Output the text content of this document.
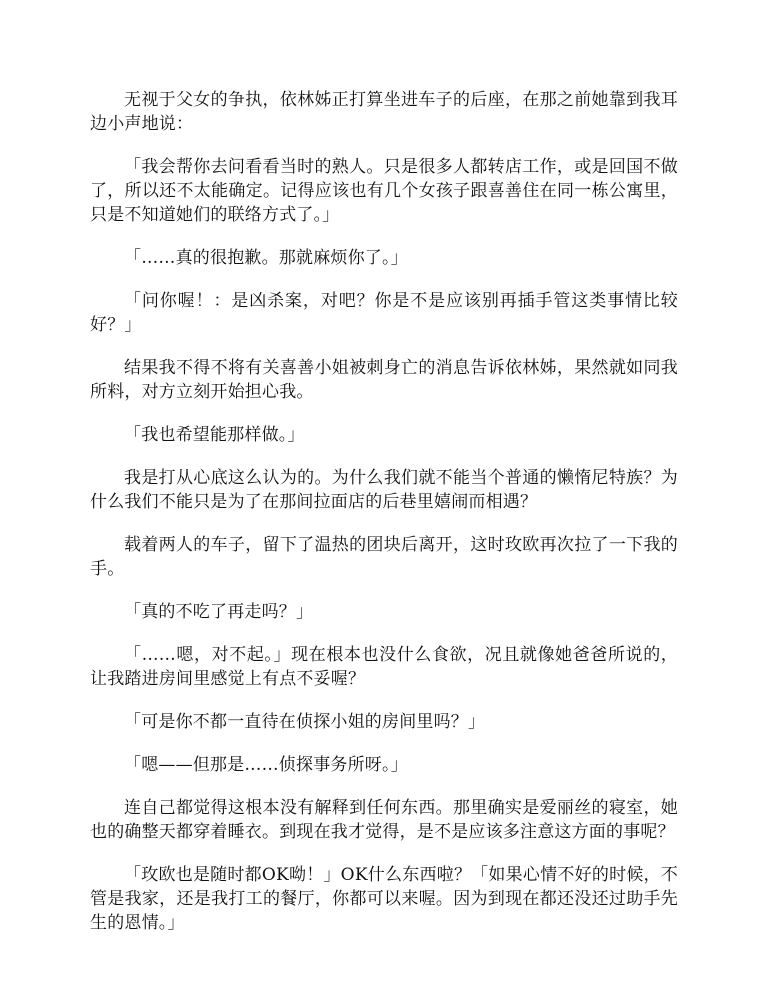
无视于父女的争执，依林姊正打算坐进车子的后座，在那之前她靠到我耳边小声地说：

「我会帮你去问看看当时的熟人。只是很多人都转店工作，或是回国不做了，所以还不太能确定。记得应该也有几个女孩子跟喜善住在同一栋公寓里，只是不知道她们的联络方式了。」

「……真的很抱歉。那就麻烦你了。」

「问你喔！：是凶杀案，对吧？你是不是应该别再插手管这类事情比较好？」

结果我不得不将有关喜善小姐被刺身亡的消息告诉依林姊，果然就如同我所料，对方立刻开始担心我。

「我也希望能那样做。」

我是打从心底这么认为的。为什么我们就不能当个普通的懒惰尼特族？为什么我们不能只是为了在那间拉面店的后巷里嬉闹而相遇？

载着两人的车子，留下了温热的团块后离开，这时玫欧再次拉了一下我的手。

「真的不吃了再走吗？」

「……嗯，对不起。」现在根本也没什么食欲，况且就像她爸爸所说的，让我踏进房间里感觉上有点不妥喔？

「可是你不都一直待在侦探小姐的房间里吗？」

「嗯——但那是……侦探事务所呀。」

连自己都觉得这根本没有解释到任何东西。那里确实是爱丽丝的寝室，她也的确整天都穿着睡衣。到现在我才觉得，是不是应该多注意这方面的事呢？

「玫欧也是随时都OK呦！」OK什么东西啦？「如果心情不好的时候，不管是我家，还是我打工的餐厅，你都可以来喔。因为到现在都还没还过助手先生的恩情。」
